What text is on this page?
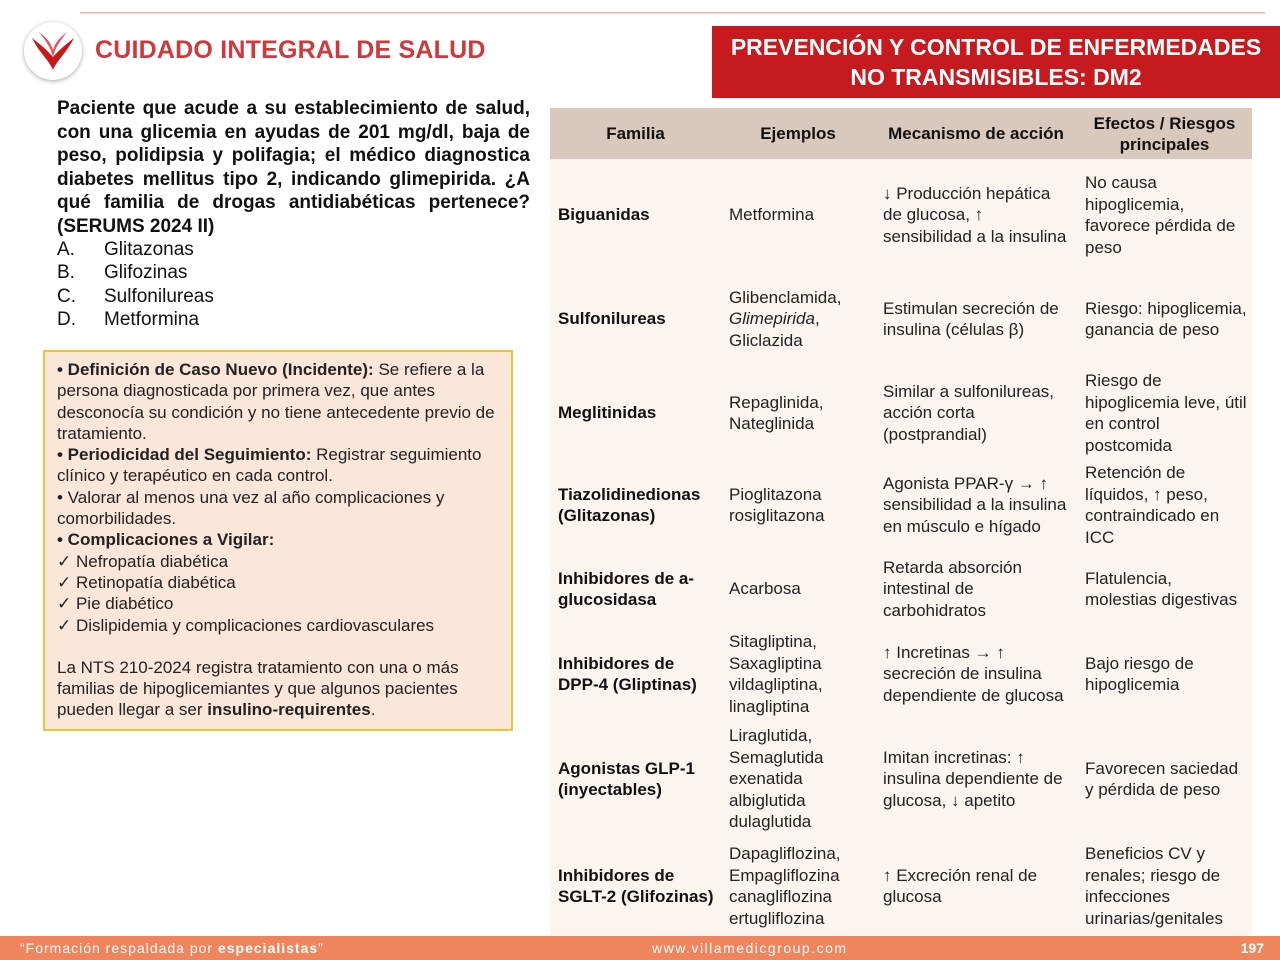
CUIDADO INTEGRAL DE SALUD	PREVENCIÓN Y CONTROL DE ENFERMEDADES
NO TRANSMISIBLES: DM2
Paciente que acude a su establecimiento de salud, con una glicemia en ayudas de 201 mg/dl, baja de peso, polidipsia y polifagia; el médico diagnostica diabetes mellitus tipo 2, indicando glimepirida. ¿A qué familia de drogas antidiabéticas pertenece? (SERUMS 2024 II)
A.	Glitazonas
B.	Glifozinas
C.	Sulfonilureas
D.	Metformina

• Definición de Caso Nuevo (Incidente): Se refiere a la persona diagnosticada por primera vez, que antes desconocía su condición y no tiene antecedente previo de tratamiento.

• Periodicidad del Seguimiento: Registrar seguimiento clínico y terapéutico en cada control.

• Valorar al menos una vez al año complicaciones y comorbilidades.

• Complicaciones a Vigilar:

✓ Nefropatía diabética

✓ Retinopatía diabética

✓ Pie diabético

✓ Dislipidemia y complicaciones cardiovasculares

La NTS 210-2024 registra tratamiento con una o más familias de hipoglicemiantes y que algunos pacientes pueden llegar a ser insulino-requirentes.

Familia	Ejemplos	Mecanismo de acción	Efectos / Riesgos principales
Biguanidas	Metformina	↓ Producción hepática de glucosa, ↑ sensibilidad a la insulina	No causa hipoglicemia, favorece pérdida de peso
Sulfonilureas	Glibenclamida, Glimepirida, Gliclazida	Estimulan secreción de insulina (células β)	Riesgo: hipoglicemia, ganancia de peso
Meglitinidas	Repaglinida, Nateglinida	Similar a sulfonilureas, acción corta (postprandial)	Riesgo de hipoglicemia leve, útil en control postcomida
Tiazolidinedionas (Glitazonas)	Pioglitazona rosiglitazona	Agonista PPAR-γ → ↑ sensibilidad a la insulina en músculo e hígado	Retención de líquidos, ↑ peso, contraindicado en ICC
Inhibidores de a-glucosidasa	Acarbosa	Retarda absorción intestinal de carbohidratos	Flatulencia, molestias digestivas
Inhibidores de DPP-4 (Gliptinas)	Sitagliptina, Saxagliptina vildagliptina, linagliptina	↑ Incretinas → ↑ secreción de insulina dependiente de glucosa	Bajo riesgo de hipoglicemia
Agonistas GLP-1 (inyectables)	Liraglutida, Semaglutida exenatida albiglutida dulaglutida	Imitan incretinas: ↑ insulina dependiente de glucosa, ↓ apetito	Favorecen saciedad y pérdida de peso
Inhibidores de SGLT-2 (Glifozinas)	Dapagliflozina, Empagliflozina canagliflozina ertugliflozina	↑ Excreción renal de glucosa	Beneficios CV y renales; riesgo de infecciones urinarias/genitales
“Formación respaldada por especialistas”	www.villamedicgroup.com	197
